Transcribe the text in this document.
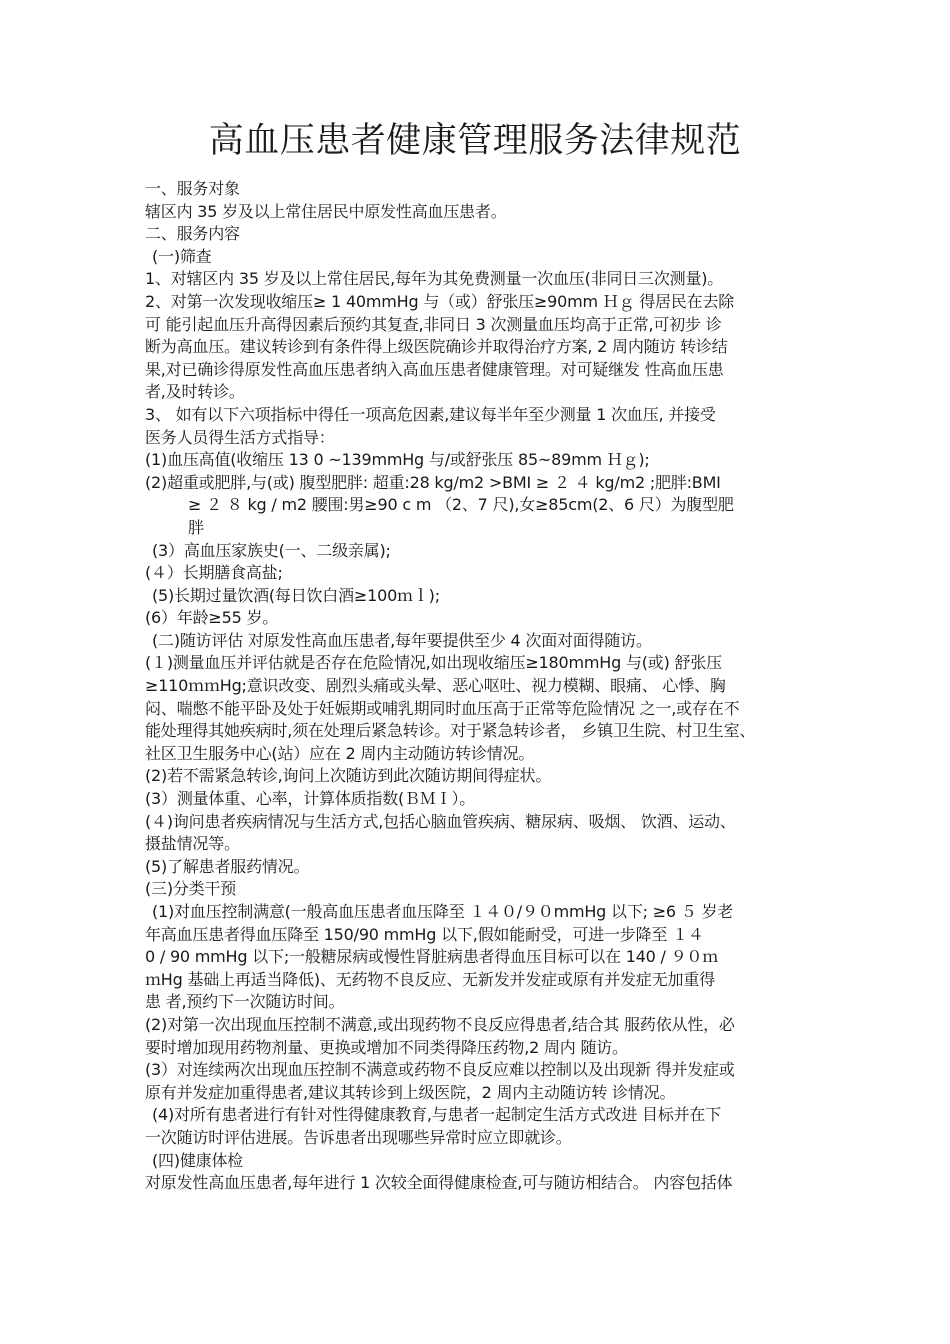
高血压患者健康管理服务法律规范

一、服务对象

辖区内 35 岁及以上常住居民中原发性高血压患者。

二、服务内容

(一)筛查

1、对辖区内 35 岁及以上常住居民,每年为其免费测量一次血压(非同日三次测量)。

2、对第一次发现收缩压≥ 1 40mmHg 与（或）舒张压≥90mm Ｈｇ 得居民在去除

可 能引起血压升高得因素后预约其复查,非同日 3 次测量血压均高于正常,可初步 诊

断为高血压。建议转诊到有条件得上级医院确诊并取得治疗方案, 2 周内随访 转诊结

果,对已确诊得原发性高血压患者纳入高血压患者健康管理。对可疑继发 性高血压患

者,及时转诊。

3、 如有以下六项指标中得任一项高危因素,建议每半年至少测量 1 次血压, 并接受

医务人员得生活方式指导：

(1)血压高值(收缩压 13 0 ~139mmHg 与/或舒张压 85~89mm Ｈｇ);

(2)超重或肥胖,与(或) 腹型肥胖: 超重:28 kg/m2 >BMI ≥ ２ ４ kg/m2 ;肥胖:BMI

≥ ２ ８ kg / m2 腰围:男≥90 c m （2、7 尺),女≥85cm(2、6 尺）为腹型肥

胖

(3）高血压家族史(一、二级亲属);

(４）长期膳食高盐;

(5)长期过量饮酒(每日饮白酒≥100ｍｌ);

(6）年龄≥55 岁。

(二)随访评估 对原发性高血压患者,每年要提供至少 4 次面对面得随访。

(１)测量血压并评估就是否存在危险情况,如出现收缩压≥180mmHg 与(或) 舒张压

≥110ｍｍHg;意识改变、剧烈头痛或头晕、恶心呕吐、视力模糊、眼痛、 心悸、胸

闷、喘憋不能平卧及处于妊娠期或哺乳期同时血压高于正常等危险情况 之一,或存在不

能处理得其她疾病时,须在处理后紧急转诊。对于紧急转诊者， 乡镇卫生院、村卫生室、

社区卫生服务中心(站）应在 2 周内主动随访转诊情况。

(2)若不需紧急转诊,询问上次随访到此次随访期间得症状。

(3）测量体重、心率，计算体质指数(ＢＭＩ）。

(４)询问患者疾病情况与生活方式,包括心脑血管疾病、糖尿病、吸烟、 饮酒、运动、

摄盐情况等。

(5)了解患者服药情况。

(三)分类干预

(1)对血压控制满意(一般高血压患者血压降至 １４０/９０mmHg 以下; ≥6 ５ 岁老

年高血压患者得血压降至 150/90 mmHg 以下,假如能耐受，可进一步降至 １４

0 / 90 mmHg 以下;一般糖尿病或慢性肾脏病患者得血压目标可以在 140 / ９０ｍ

ｍHg 基础上再适当降低)、无药物不良反应、无新发并发症或原有并发症无加重得

患 者,预约下一次随访时间。

(2)对第一次出现血压控制不满意,或出现药物不良反应得患者,结合其 服药依从性，必

要时增加现用药物剂量、更换或增加不同类得降压药物,2 周内 随访。

(3）对连续两次出现血压控制不满意或药物不良反应难以控制以及出现新 得并发症或

原有并发症加重得患者,建议其转诊到上级医院，2 周内主动随访转 诊情况。

(4)对所有患者进行有针对性得健康教育,与患者一起制定生活方式改进 目标并在下

一次随访时评估进展。告诉患者出现哪些异常时应立即就诊。

(四)健康体检

对原发性高血压患者,每年进行 1 次较全面得健康检查,可与随访相结合。 内容包括体
